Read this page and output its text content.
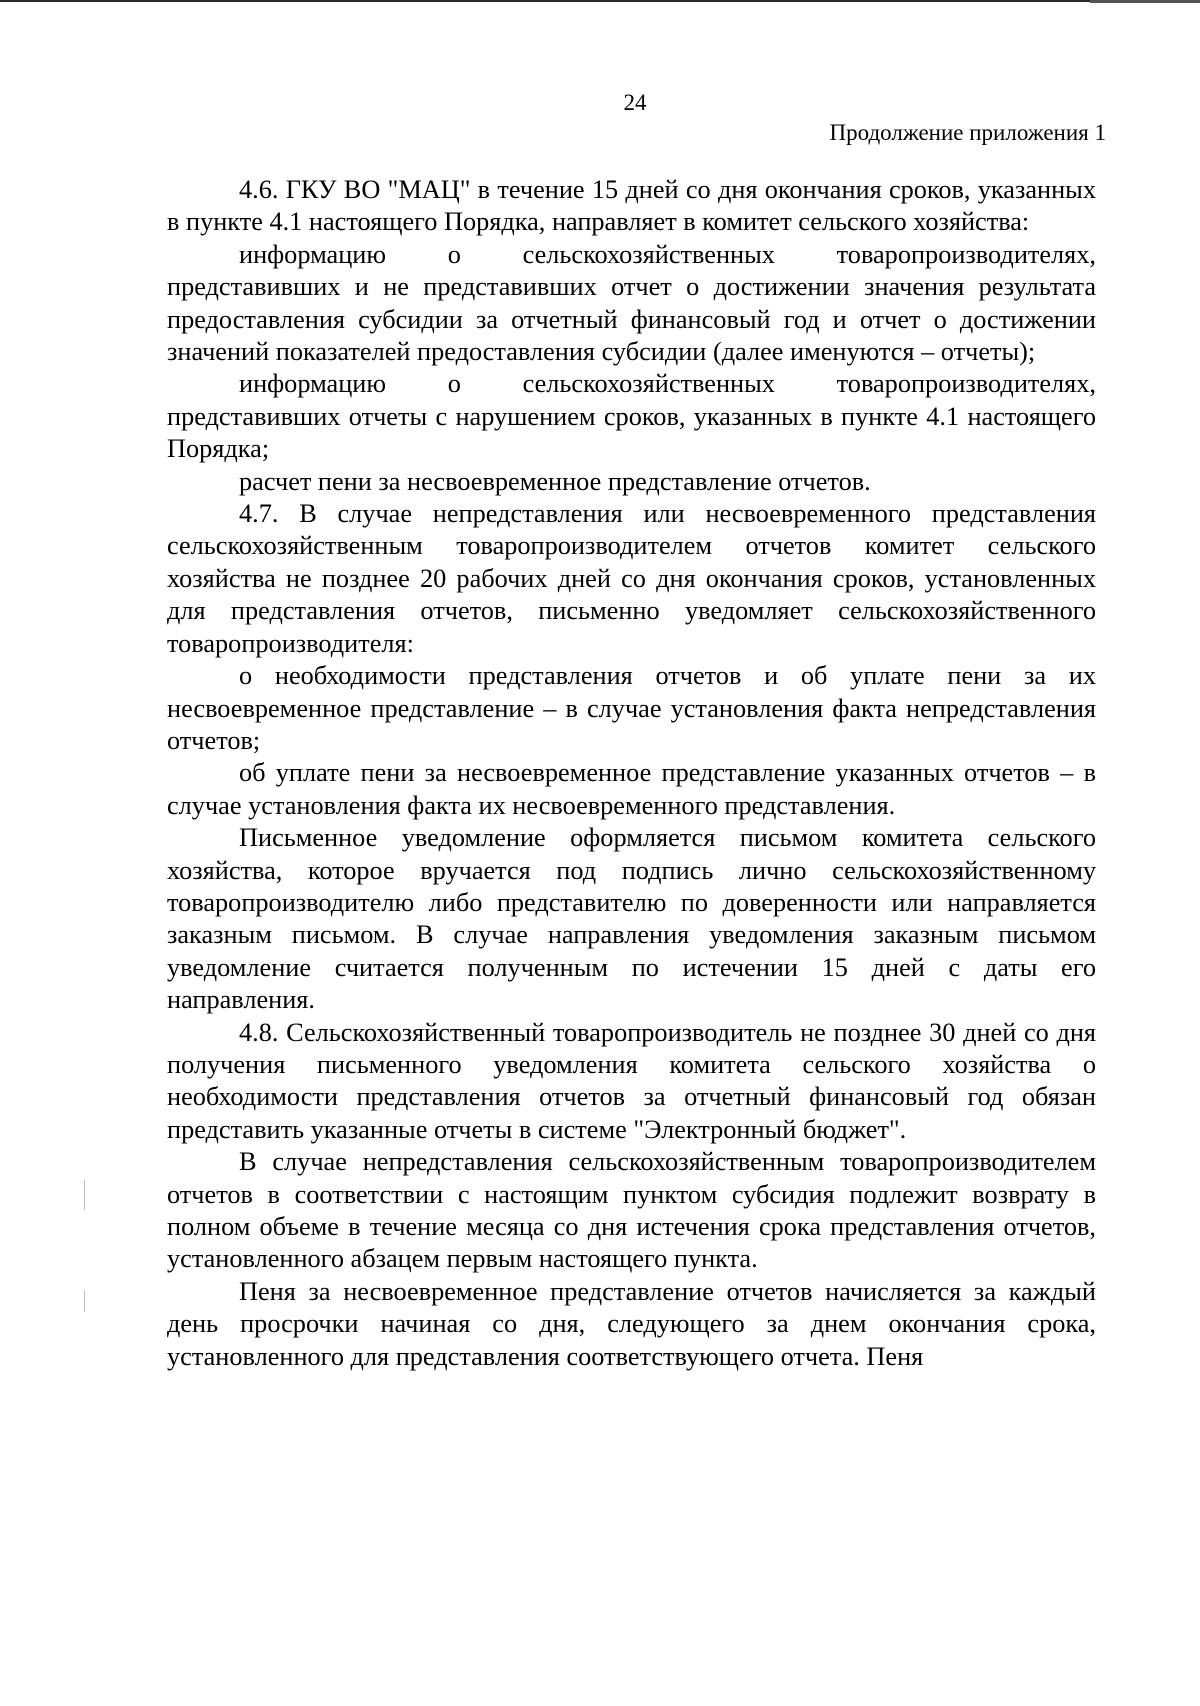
24
Продолжение приложения 1

4.6. ГКУ ВО "МАЦ" в течение 15 дней со дня окончания сроков, указанных в пункте 4.1 настоящего Порядка, направляет в комитет сельского хозяйства:

информацию о сельскохозяйственных товаропроизводителях, представивших и не представивших отчет о достижении значения результата предоставления субсидии за отчетный финансовый год и отчет о достижении значений показателей предоставления субсидии (далее именуются – отчеты);

информацию о сельскохозяйственных товаропроизводителях, представивших отчеты с нарушением сроков, указанных в пункте 4.1 настоящего Порядка;

расчет пени за несвоевременное представление отчетов.

4.7. В случае непредставления или несвоевременного представления сельскохозяйственным товаропроизводителем отчетов комитет сельского хозяйства не позднее 20 рабочих дней со дня окончания сроков, установленных для представления отчетов, письменно уведомляет сельскохозяйственного товаропроизводителя:

о необходимости представления отчетов и об уплате пени за их несвоевременное представление – в случае установления факта непредставления отчетов;

об уплате пени за несвоевременное представление указанных отчетов – в случае установления факта их несвоевременного представления.

Письменное уведомление оформляется письмом комитета сельского хозяйства, которое вручается под подпись лично сельскохозяйственному товаропроизводителю либо представителю по доверенности или направляется заказным письмом. В случае направления уведомления заказным письмом уведомление считается полученным по истечении 15 дней с даты его направления.

4.8. Сельскохозяйственный товаропроизводитель не позднее 30 дней со дня получения письменного уведомления комитета сельского хозяйства о необходимости представления отчетов за отчетный финансовый год обязан представить указанные отчеты в системе "Электронный бюджет".

В случае непредставления сельскохозяйственным товаропроизводителем отчетов в соответствии с настоящим пунктом субсидия подлежит возврату в полном объеме в течение месяца со дня истечения срока представления отчетов, установленного абзацем первым настоящего пункта.

Пеня за несвоевременное представление отчетов начисляется за каждый день просрочки начиная со дня, следующего за днем окончания срока, установленного для представления соответствующего отчета. Пеня
